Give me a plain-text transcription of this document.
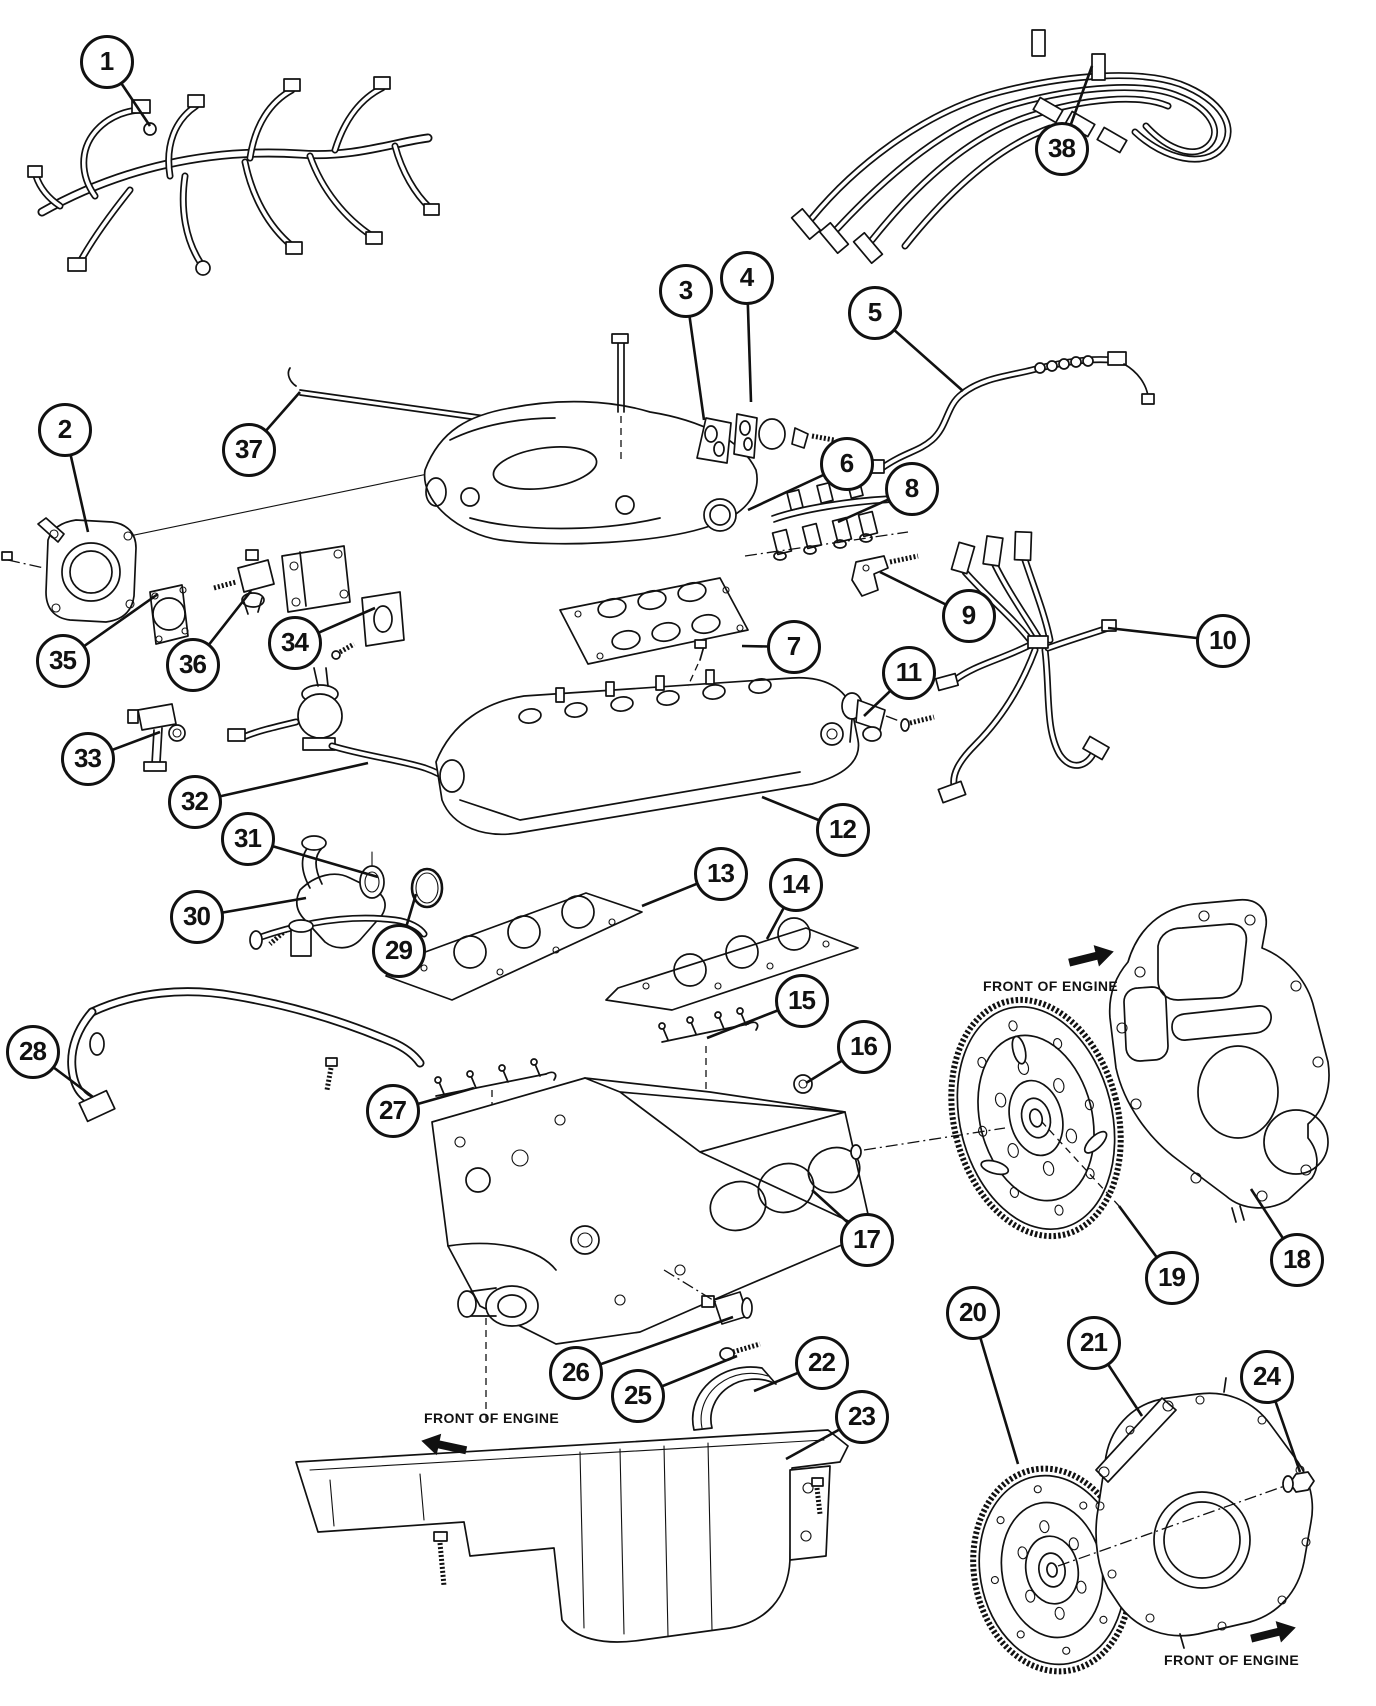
1
2
3 4
5
6
7
8
9
10
11
12
13 14
15
16
17
18
19
20
21
22
23
24
25
26
27
28
29
30
31
32
33
34
35	36
37
38
FRONT OF ENGINE
FRONT OF ENGINE
FRONT OF ENGINE
